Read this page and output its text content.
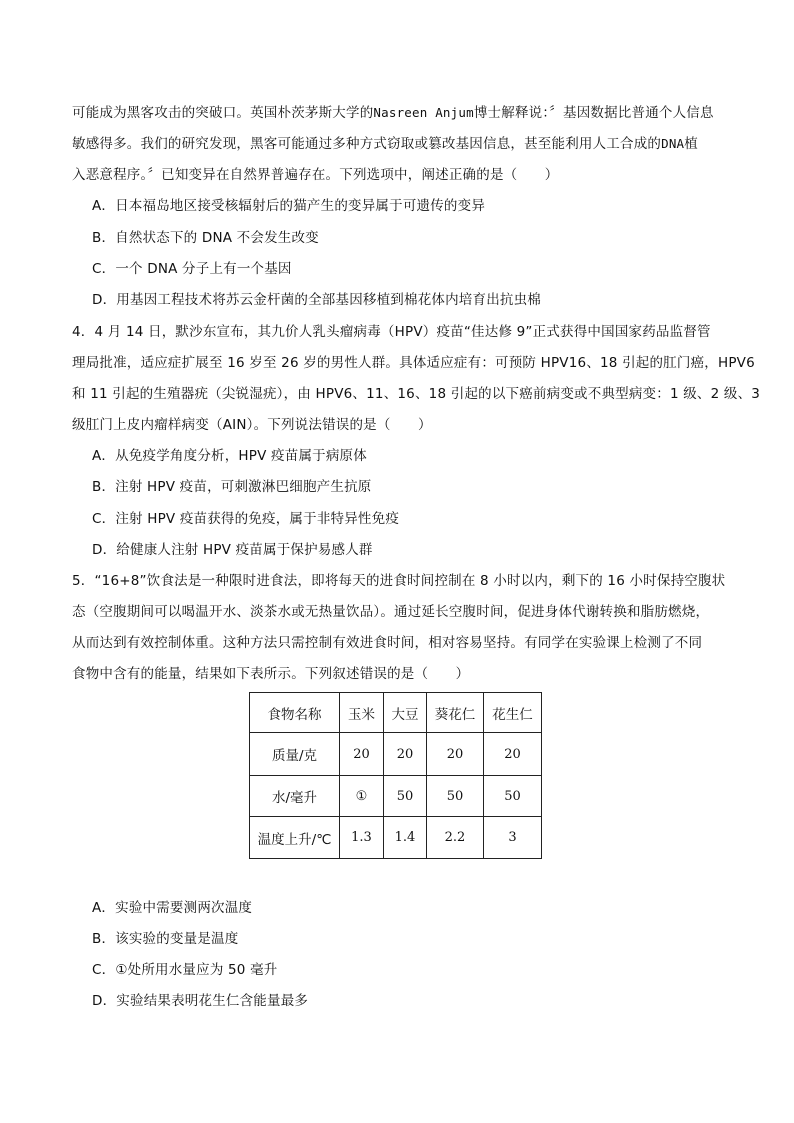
可能成为黑客攻击的突破口。英国朴茨茅斯大学的Nasreen Anjum博士解释说：〞基因数据比普通个人信息
敏感得多。我们的研究发现，黑客可能通过多种方式窃取或篡改基因信息，甚至能利用人工合成的DNA植
入恶意程序。〞已知变异在自然界普遍存在。下列选项中，阐述正确的是（　　）
A．日本福岛地区接受核辐射后的猫产生的变异属于可遗传的变异
B．自然状态下的 DNA 不会发生改变
C．一个 DNA 分子上有一个基因
D．用基因工程技术将苏云金杆菌的全部基因移植到棉花体内培育出抗虫棉
4．4 月 14 日，默沙东宣布，其九价人乳头瘤病毒（HPV）疫苗“佳达修 9”正式获得中国国家药品监督管
理局批准，适应症扩展至 16 岁至 26 岁的男性人群。具体适应症有：可预防 HPV16、18 引起的肛门癌，HPV6
和 11 引起的生殖器疣（尖锐湿疣），由 HPV6、11、16、18 引起的以下癌前病变或不典型病变：1 级、2 级、3
级肛门上皮内瘤样病变（AIN）。下列说法错误的是（　　）
A．从免疫学角度分析，HPV 疫苗属于病原体
B．注射 HPV 疫苗，可刺激淋巴细胞产生抗原
C．注射 HPV 疫苗获得的免疫，属于非特异性免疫
D．给健康人注射 HPV 疫苗属于保护易感人群
5．“16+8”饮食法是一种限时进食法，即将每天的进食时间控制在 8 小时以内，剩下的 16 小时保持空腹状
态（空腹期间可以喝温开水、淡茶水或无热量饮品）。通过延长空腹时间，促进身体代谢转换和脂肪燃烧，
从而达到有效控制体重。这种方法只需控制有效进食时间，相对容易坚持。有同学在实验课上检测了不同
食物中含有的能量，结果如下表所示。下列叙述错误的是（　　）
食物名称	玉米	大豆	葵花仁	花生仁
质量/克	20	20	20	20
水/毫升	①	50	50	50
温度上升/℃	1.3	1.4	2.2	3
A．实验中需要测两次温度
B．该实验的变量是温度
C．①处所用水量应为 50 毫升
D．实验结果表明花生仁含能量最多
